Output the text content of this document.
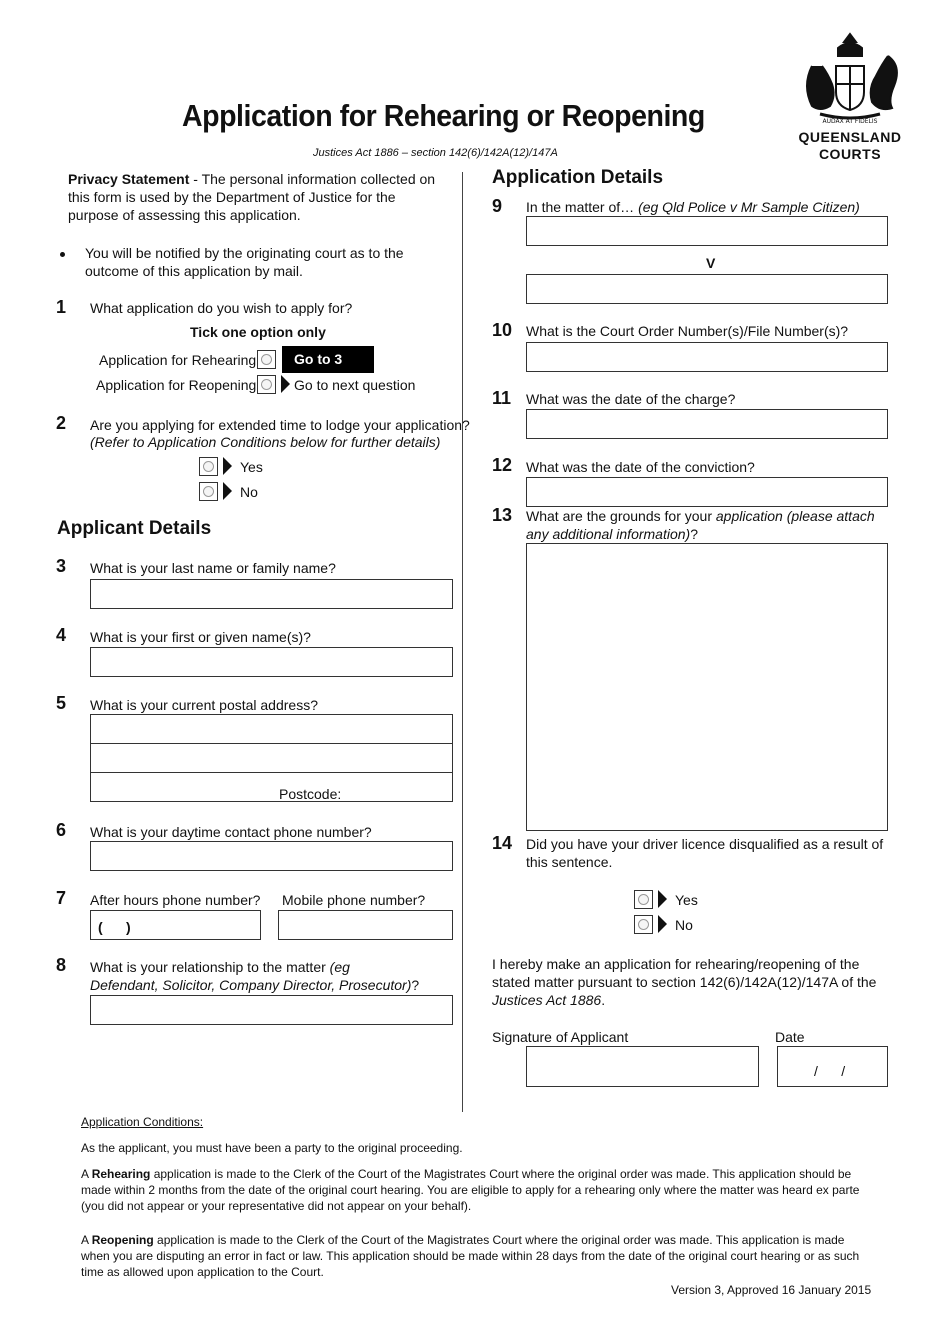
Application for Rehearing or Reopening
Justices Act 1886 – section 142(6)/142A(12)/147A
AUDAX AT FIDELIS
QUEENSLAND
COURTS
Privacy Statement - The personal information collected on this form is used by the Department of Justice for the purpose of assessing this application.
You will be notified by the originating court as to the outcome of this application by mail.
1 What application do you wish to apply for?
Tick one option only
Application for Rehearing	Go to 3
Application for Reopening	Go to next question
2 Are you applying for extended time to lodge your application?
(Refer to Application Conditions below for further details)
Yes
No
Applicant Details
3 What is your last name or family name?
4 What is your first or given name(s)?
5 What is your current postal address?
Postcode:
6 What is your daytime contact phone number?
7 After hours phone number? Mobile phone number?
(      )
8 What is your relationship to the matter (eg Defendant, Solicitor, Company Director, Prosecutor)?
Application Details
9 In the matter of… (eg Qld Police v Mr Sample Citizen)
V
10 What is the Court Order Number(s)/File Number(s)?
11 What was the date of the charge?
12 What was the date of the conviction?
13 What are the grounds for your application (please attach any additional information)?
14 Did you have your driver licence disqualified as a result of this sentence.
Yes
No
I hereby make an application for rehearing/reopening of the stated matter pursuant to section 142(6)/142A(12)/147A of the Justices Act 1886.
Signature of Applicant	Date
/      /
Application Conditions:
As the applicant, you must have been a party to the original proceeding.
A Rehearing application is made to the Clerk of the Court of the Magistrates Court where the original order was made. This application should be made within 2 months from the date of the original court hearing. You are eligible to apply for a rehearing only where the matter was heard ex parte (you did not appear or your representative did not appear on your behalf).
A Reopening application is made to the Clerk of the Court of the Magistrates Court where the original order was made. This application is made when you are disputing an error in fact or law. This application should be made within 28 days from the date of the original court hearing or as such time as allowed upon application to the Court.
Version 3, Approved 16 January 2015
